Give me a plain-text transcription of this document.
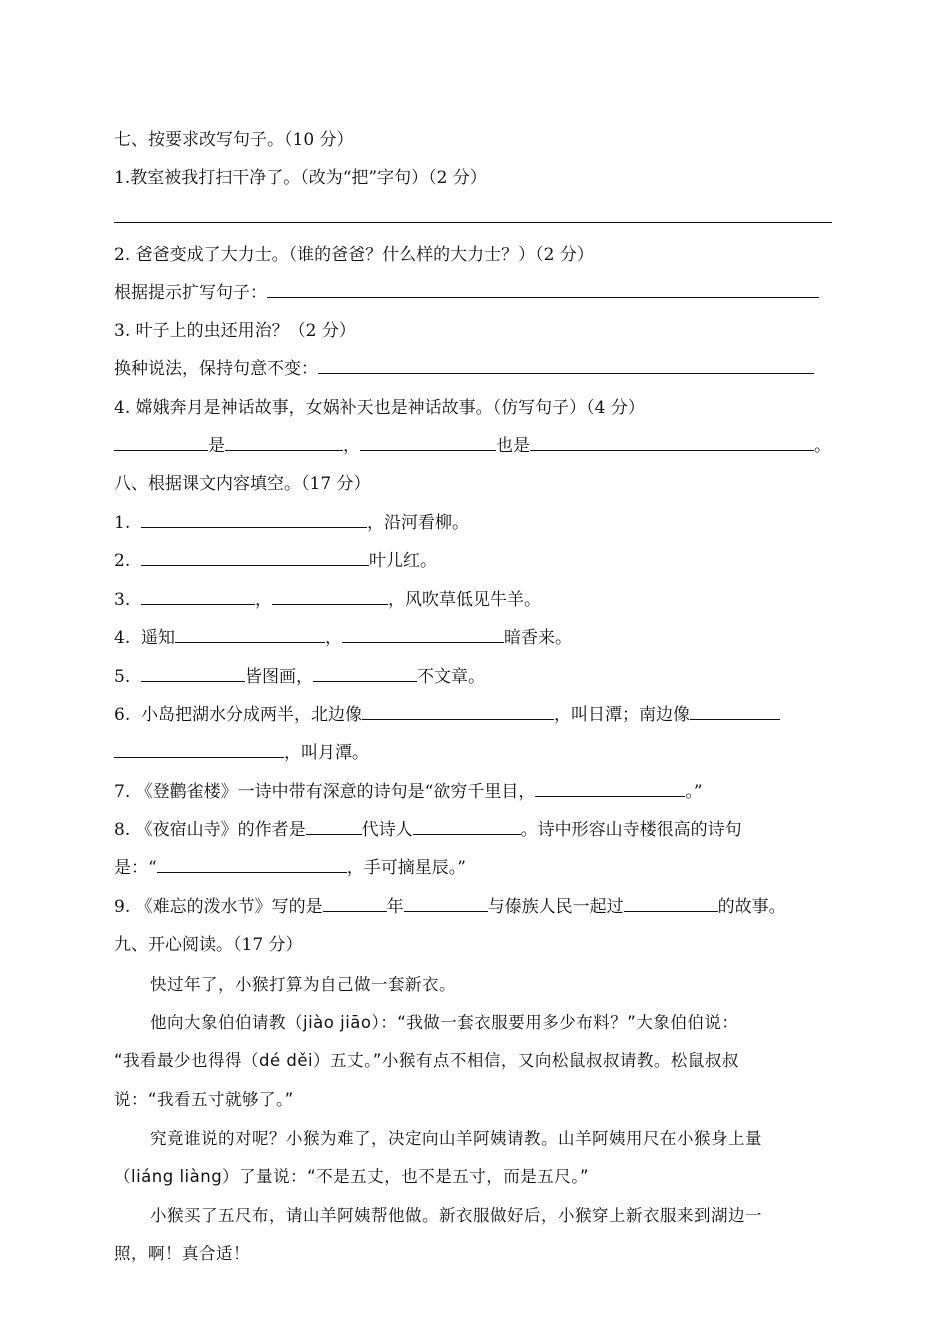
七、按要求改写句子。（10 分）
1.教室被我打扫干净了。（改为“把”字句）（2 分）
2. 爸爸变成了大力士。（谁的爸爸？什么样的大力士？）（2 分）
根据提示扩写句子：
3. 叶子上的虫还用治？（2 分）
换种说法，保持句意不变：
4. 嫦娥奔月是神话故事，女娲补天也是神话故事。（仿写句子）（4 分）
是	，	也是	。
八、根据课文内容填空。（17 分）
1.	，沿河看柳。
2.	叶儿红。
3.	，	，风吹草低见牛羊。
4. 遥知	，	暗香来。
5.	皆图画，	不文章。
6. 小岛把湖水分成两半，北边像	，叫日潭；南边像
，叫月潭。
7. 《登鹳雀楼》一诗中带有深意的诗句是“欲穷千里目，	。”
8. 《夜宿山寺》的作者是	代诗人	。诗中形容山寺楼很高的诗句
是：“	，手可摘星辰。”
9. 《难忘的泼水节》写的是	年	与傣族人民一起过	的故事。
九、开心阅读。（17 分）
快过年了，小猴打算为自己做一套新衣。
他向大象伯伯请教（jiào jiāo）：“我做一套衣服要用多少布料？”大象伯伯说：
“我看最少也得得（dé děi）五丈。”小猴有点不相信，又向松鼠叔叔请教。松鼠叔叔
说：“我看五寸就够了。”
究竟谁说的对呢？小猴为难了，决定向山羊阿姨请教。山羊阿姨用尺在小猴身上量
（liáng liàng）了量说：“不是五丈，也不是五寸，而是五尺。”
小猴买了五尺布，请山羊阿姨帮他做。新衣服做好后，小猴穿上新衣服来到湖边一
照，啊！真合适！
